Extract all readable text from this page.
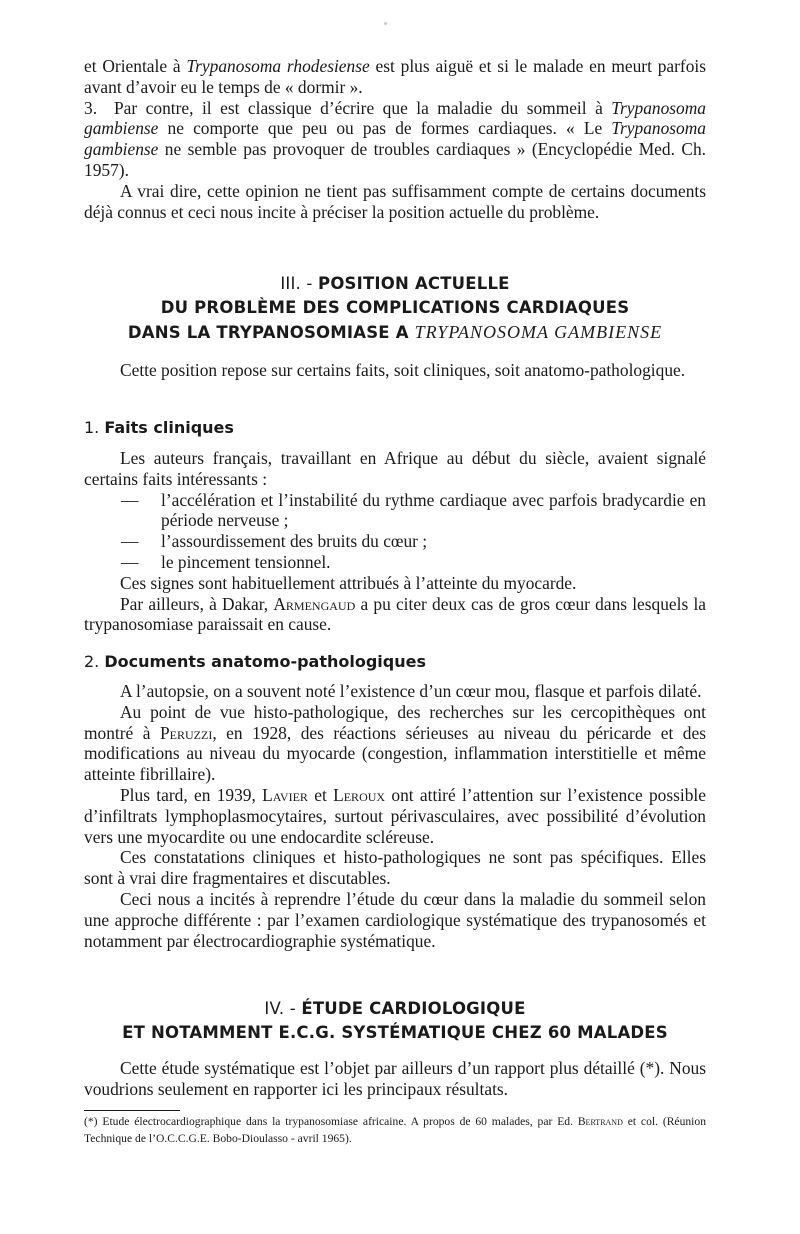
et Orientale à Trypanosoma rhodesiense est plus aiguë et si le malade en meurt parfois avant d’avoir eu le temps de « dormir ».

3. Par contre, il est classique d’écrire que la maladie du sommeil à Trypanosoma gambiense ne comporte que peu ou pas de formes cardiaques. « Le Trypanosoma gambiense ne semble pas provoquer de troubles cardiaques » (Encyclopédie Med. Ch. 1957).

A vrai dire, cette opinion ne tient pas suffisamment compte de certains documents déjà connus et ceci nous incite à préciser la position actuelle du problème.

III. - POSITION ACTUELLE
DU PROBLÈME DES COMPLICATIONS CARDIAQUES
DANS LA TRYPANOSOMIASE A TRYPANOSOMA GAMBIENSE

Cette position repose sur certains faits, soit cliniques, soit anatomo-pathologique.

1. Faits cliniques

Les auteurs français, travaillant en Afrique au début du siècle, avaient signalé certains faits intéressants :

—	l’accélération et l’instabilité du rythme cardiaque avec parfois bradycardie en période nerveuse ;
—	l’assourdissement des bruits du cœur ;
—	le pincement tensionnel.

Ces signes sont habituellement attribués à l’atteinte du myocarde.

Par ailleurs, à Dakar, Armengaud a pu citer deux cas de gros cœur dans lesquels la trypanosomiase paraissait en cause.

2. Documents anatomo-pathologiques

A l’autopsie, on a souvent noté l’existence d’un cœur mou, flasque et parfois dilaté.

Au point de vue histo-pathologique, des recherches sur les cercopithèques ont montré à Peruzzi, en 1928, des réactions sérieuses au niveau du péricarde et des modifications au niveau du myocarde (congestion, inflammation interstitielle et même atteinte fibrillaire).

Plus tard, en 1939, Lavier et Leroux ont attiré l’attention sur l’existence possible d’infiltrats lymphoplasmocytaires, surtout périvasculaires, avec possibilité d’évolution vers une myocardite ou une endocardite scléreuse.

Ces constatations cliniques et histo-pathologiques ne sont pas spécifiques. Elles sont à vrai dire fragmentaires et discutables.

Ceci nous a incités à reprendre l’étude du cœur dans la maladie du sommeil selon une approche différente : par l’examen cardiologique systématique des trypanosomés et notamment par électrocardiographie systématique.

IV. - ÉTUDE CARDIOLOGIQUE
ET NOTAMMENT E.C.G. SYSTÉMATIQUE CHEZ 60 MALADES

Cette étude systématique est l’objet par ailleurs d’un rapport plus détaillé (*). Nous voudrions seulement en rapporter ici les principaux résultats.

(*) Etude électrocardiographique dans la trypanosomiase africaine. A propos de 60 malades, par Ed. Bertrand et col. (Réunion Technique de l’O.C.C.G.E. Bobo-Dioulasso - avril 1965).
